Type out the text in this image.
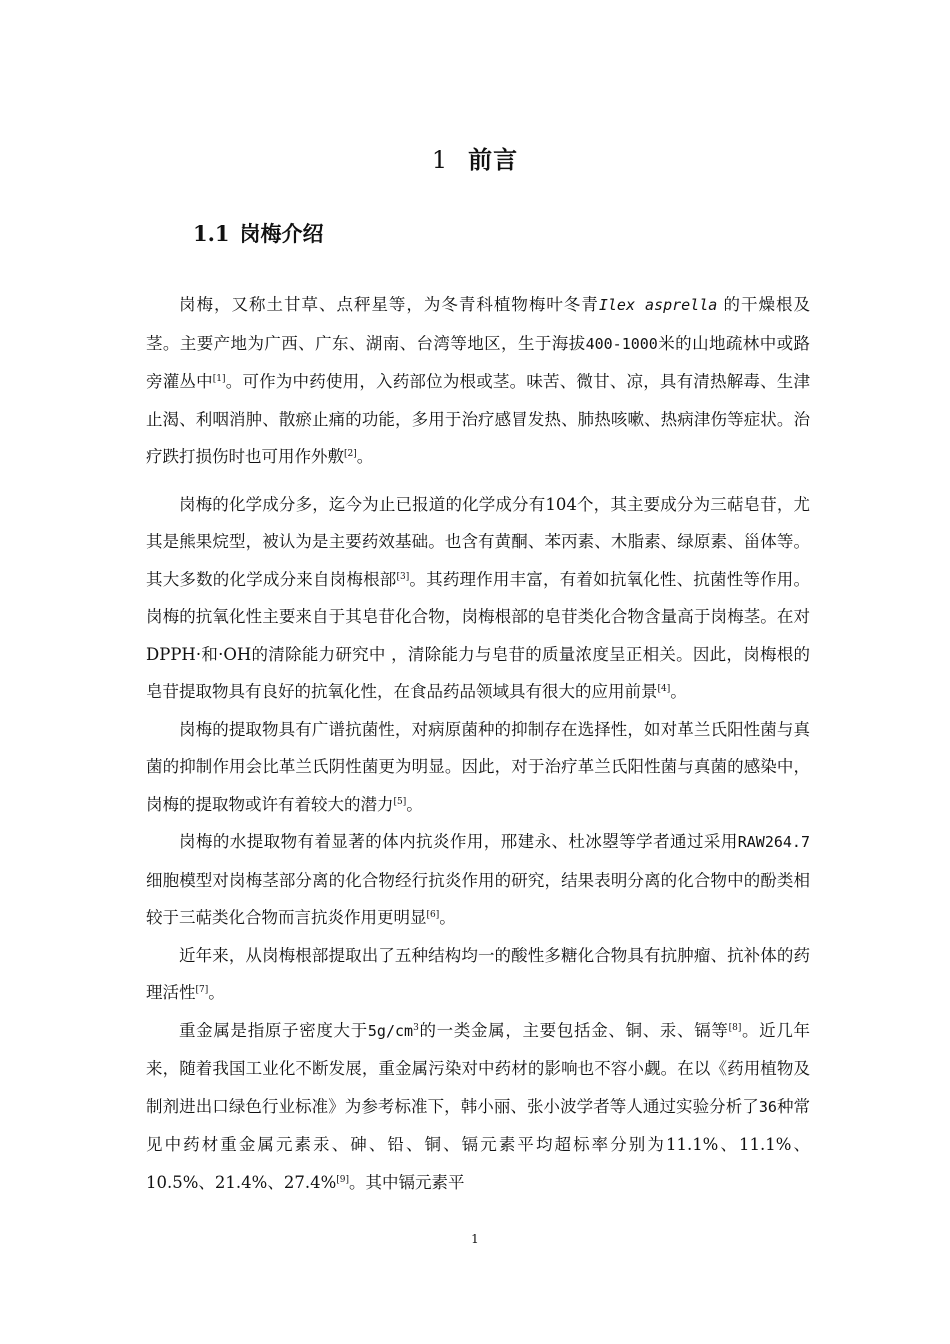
1 前言
1.1 岗梅介绍

岗梅，又称土甘草、点秤星等，为冬青科植物梅叶冬青Ilex asprella 的干燥根及茎。主要产地为广西、广东、湖南、台湾等地区，生于海拔400-1000米的山地疏林中或路旁灌丛中[1]。可作为中药使用，入药部位为根或茎。味苦、微甘、凉，具有清热解毒、生津止渴、利咽消肿、散瘀止痛的功能，多用于治疗感冒发热、肺热咳嗽、热病津伤等症状。治疗跌打损伤时也可用作外敷[2]。

岗梅的化学成分多，迄今为止已报道的化学成分有104个，其主要成分为三萜皂苷，尤其是熊果烷型，被认为是主要药效基础。也含有黄酮、苯丙素、木脂素、绿原素、甾体等。其大多数的化学成分来自岗梅根部[3]。其药理作用丰富，有着如抗氧化性、抗菌性等作用。岗梅的抗氧化性主要来自于其皂苷化合物，岗梅根部的皂苷类化合物含量高于岗梅茎。在对DPPH·和·OH的清除能力研究中 ，清除能力与皂苷的质量浓度呈正相关。因此，岗梅根的皂苷提取物具有良好的抗氧化性，在食品药品领域具有很大的应用前景[4]。

岗梅的提取物具有广谱抗菌性，对病原菌种的抑制存在选择性，如对革兰氏阳性菌与真菌的抑制作用会比革兰氏阴性菌更为明显。因此，对于治疗革兰氏阳性菌与真菌的感染中，岗梅的提取物或许有着较大的潜力[5]。

岗梅的水提取物有着显著的体内抗炎作用，邢建永、杜冰曌等学者通过采用RAW264.7细胞模型对岗梅茎部分离的化合物经行抗炎作用的研究，结果表明分离的化合物中的酚类相较于三萜类化合物而言抗炎作用更明显[6]。

近年来，从岗梅根部提取出了五种结构均一的酸性多糖化合物具有抗肿瘤、抗补体的药理活性[7]。

重金属是指原子密度大于$5g/cm^3$的一类金属，主要包括金、铜、汞、镉等[8]。近几年来，随着我国工业化不断发展，重金属污染对中药材的影响也不容小觑。在以《药用植物及制剂进出口绿色行业标准》为参考标准下，韩小丽、张小波学者等人通过实验分析了36种常见中药材重金属元素汞、砷、铅、铜、镉元素平均超标率分别为11.1%、11.1%、10.5%、21.4%、27.4%[9]。其中镉元素平

1
